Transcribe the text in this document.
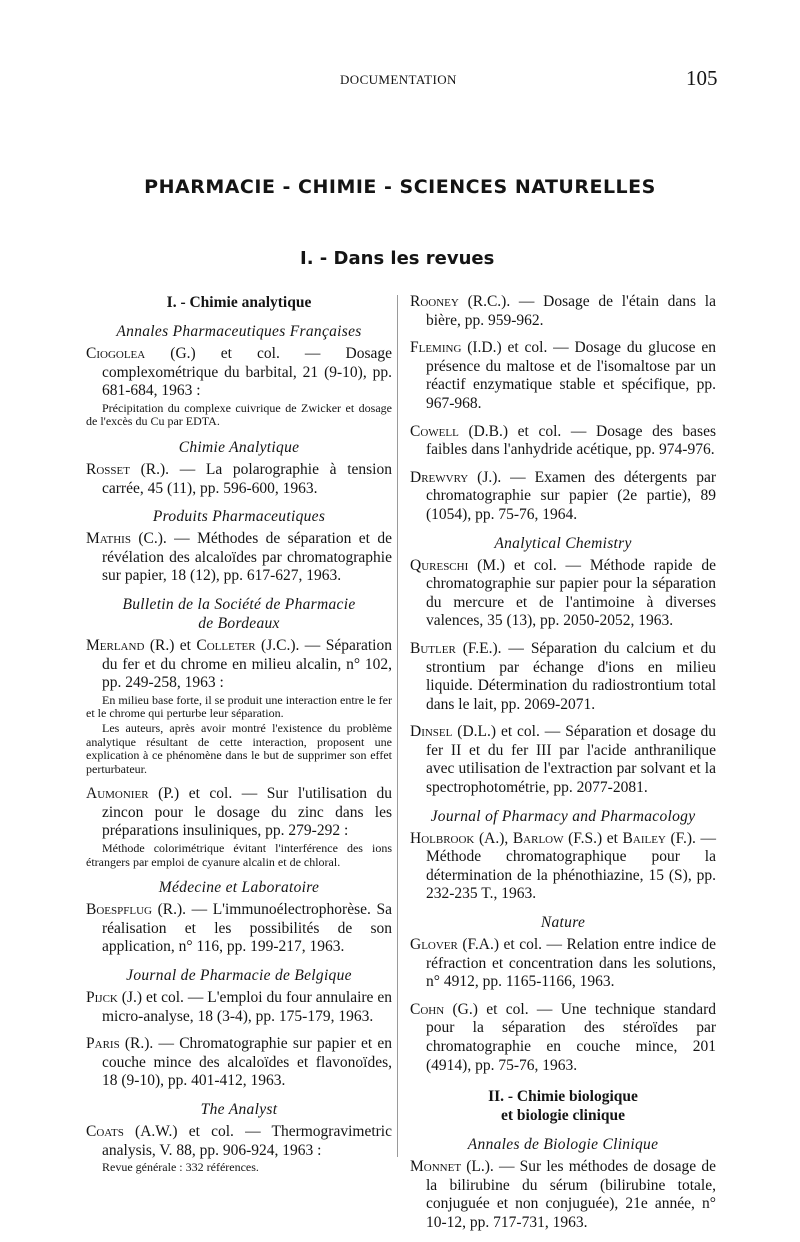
DOCUMENTATION	105
PHARMACIE - CHIMIE - SCIENCES NATURELLES
I. - Dans les revues
I. - Chimie analytique
Annales Pharmaceutiques Françaises
Ciogolea (G.) et col. — Dosage complexométrique du barbital, 21 (9-10), pp. 681-684, 1963 :
Précipitation du complexe cuivrique de Zwicker et dosage de l'excès du Cu par EDTA.
Chimie Analytique
Rosset (R.). — La polarographie à tension carrée, 45 (11), pp. 596-600, 1963.
Produits Pharmaceutiques
Mathis (C.). — Méthodes de séparation et de révélation des alcaloïdes par chromatographie sur papier, 18 (12), pp. 617-627, 1963.
Bulletin de la Société de Pharmacie
de Bordeaux
Merland (R.) et Colleter (J.C.). — Séparation du fer et du chrome en milieu alcalin, n° 102, pp. 249-258, 1963 :
En milieu base forte, il se produit une interaction entre le fer et le chrome qui perturbe leur séparation.
Les auteurs, après avoir montré l'existence du problème analytique résultant de cette interaction, proposent une explication à ce phénomène dans le but de supprimer son effet perturbateur.
Aumonier (P.) et col. — Sur l'utilisation du zincon pour le dosage du zinc dans les préparations insuliniques, pp. 279-292 :
Méthode colorimétrique évitant l'interférence des ions étrangers par emploi de cyanure alcalin et de chloral.
Médecine et Laboratoire
Boespflug (R.). — L'immunoélectrophorèse. Sa réalisation et les possibilités de son application, n° 116, pp. 199-217, 1963.
Journal de Pharmacie de Belgique
Pijck (J.) et col. — L'emploi du four annulaire en micro-analyse, 18 (3-4), pp. 175-179, 1963.
Paris (R.). — Chromatographie sur papier et en couche mince des alcaloïdes et flavonoïdes, 18 (9-10), pp. 401-412, 1963.
The Analyst
Coats (A.W.) et col. — Thermogravimetric analysis, V. 88, pp. 906-924, 1963 :
Revue générale : 332 références.
Rooney (R.C.). — Dosage de l'étain dans la bière, pp. 959-962.
Fleming (I.D.) et col. — Dosage du glucose en présence du maltose et de l'isomaltose par un réactif enzymatique stable et spécifique, pp. 967-968.
Cowell (D.B.) et col. — Dosage des bases faibles dans l'anhydride acétique, pp. 974-976.
Drewvry (J.). — Examen des détergents par chromatographie sur papier (2e partie), 89 (1054), pp. 75-76, 1964.
Analytical Chemistry
Qureschi (M.) et col. — Méthode rapide de chromatographie sur papier pour la séparation du mercure et de l'antimoine à diverses valences, 35 (13), pp. 2050-2052, 1963.
Butler (F.E.). — Séparation du calcium et du strontium par échange d'ions en milieu liquide. Détermination du radiostrontium total dans le lait, pp. 2069-2071.
Dinsel (D.L.) et col. — Séparation et dosage du fer II et du fer III par l'acide anthranilique avec utilisation de l'extraction par solvant et la spectrophotométrie, pp. 2077-2081.
Journal of Pharmacy and Pharmacology
Holbrook (A.), Barlow (F.S.) et Bailey (F.). — Méthode chromatographique pour la détermination de la phénothiazine, 15 (S), pp. 232-235 T., 1963.
Nature
Glover (F.A.) et col. — Relation entre indice de réfraction et concentration dans les solutions, n° 4912, pp. 1165-1166, 1963.
Cohn (G.) et col. — Une technique standard pour la séparation des stéroïdes par chromatographie en couche mince, 201 (4914), pp. 75-76, 1963.
II. - Chimie biologique
et biologie clinique
Annales de Biologie Clinique
Monnet (L.). — Sur les méthodes de dosage de la bilirubine du sérum (bilirubine totale, conjuguée et non conjuguée), 21e année, n° 10-12, pp. 717-731, 1963.
